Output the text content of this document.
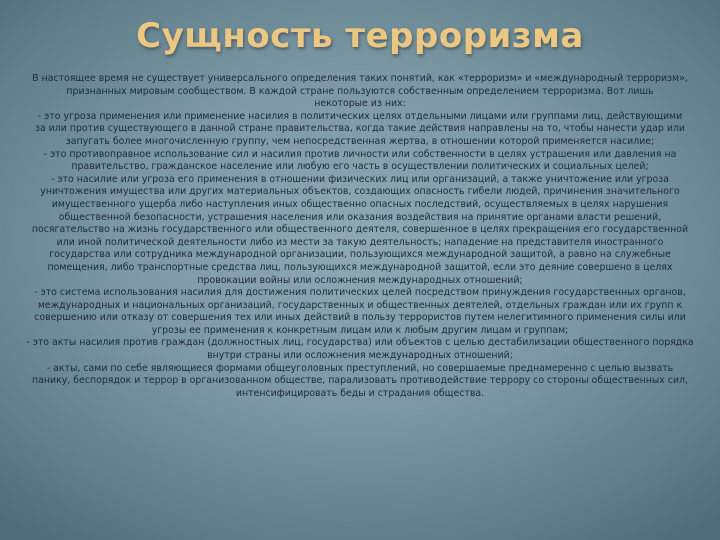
Сущность терроризма
В настоящее время не существует универсального определения таких понятий, как «терроризм» и «международный терроризм»,
признанных мировым сообществом. В каждой стране пользуются собственным определением терроризма. Вот лишь
некоторые из них:
- это угроза применения или применение насилия в политических целях отдельными лицами или группами лиц, действующими
за или против существующего в данной стране правительства, когда такие действия направлены на то, чтобы нанести удар или
запугать более многочисленную группу, чем непосредственная жертва, в отношении которой применяется насилие;
- это противоправное использование сил и насилия против личности или собственности в целях устрашения или давления на
правительство, гражданское население или любую его часть в осуществлении политических и социальных целей;
- это насилие или угроза его применения в отношении физических лиц или организаций, а также уничтожение или угроза
уничтожения имущества или других материальных объектов, создающих опасность гибели людей, причинения значительного
имущественного ущерба либо наступления иных общественно опасных последствий, осуществляемых в целях нарушения
общественной безопасности, устрашения населения или оказания воздействия на принятие органами власти решений,
посягательство на жизнь государственного или общественного деятеля, совершенное в целях прекращения его государственной
или иной политической деятельности либо из мести за такую деятельность; нападение на представителя иностранного
государства или сотрудника международной организации, пользующихся международной защитой, а равно на служебные
помещения, либо транспортные средства лиц, пользующихся международной защитой, если это деяние совершено в целях
провокации войны или осложнения международных отношений;
- это система использования насилия для достижения политических целей посредством принуждения государственных органов,
международных и национальных организаций, государственных и общественных деятелей, отдельных граждан или их групп к
совершению или отказу от совершения тех или иных действий в пользу террористов путем нелегитимного применения силы или
угрозы ее применения к конкретным лицам или к любым другим лицам и группам;
- это акты насилия против граждан (должностных лиц, государства) или объектов с целью дестабилизации общественного порядка
внутри страны или осложнения международных отношений;
- акты, сами по себе являющиеся формами общеуголовных преступлений, но совершаемые преднамеренно с целью вызвать
панику, беспорядок и террор в организованном обществе, парализовать противодействие террору со стороны общественных сил,
интенсифицировать беды и страдания общества.
